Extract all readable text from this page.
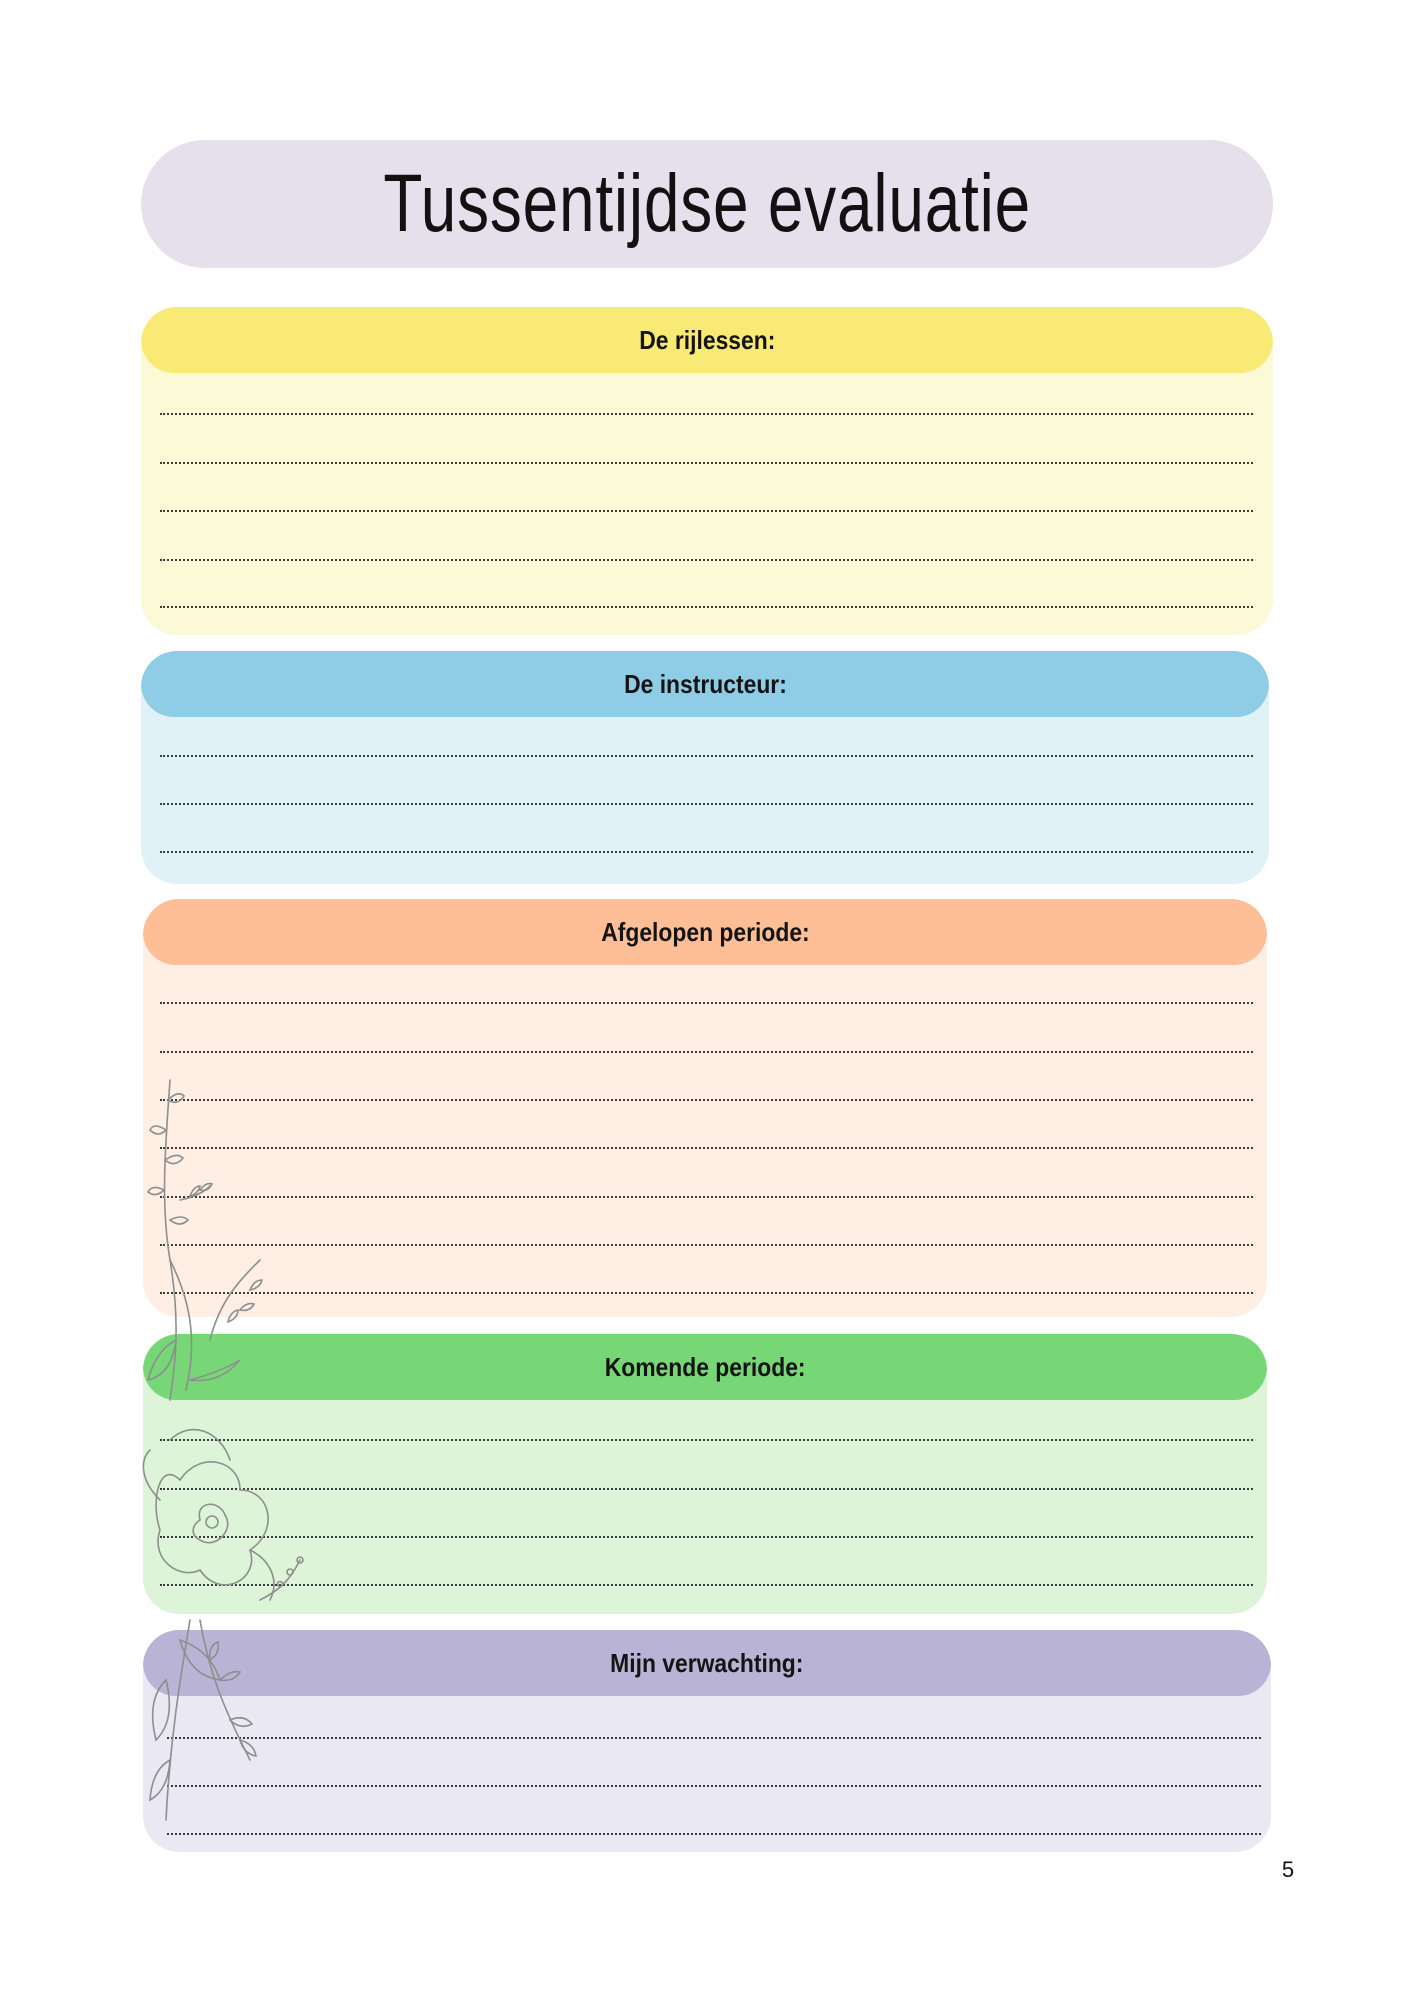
Tussentijdse evaluatie
De rijlessen:
De instructeur:
Afgelopen periode:
Komende periode:
Mijn verwachting:
5
